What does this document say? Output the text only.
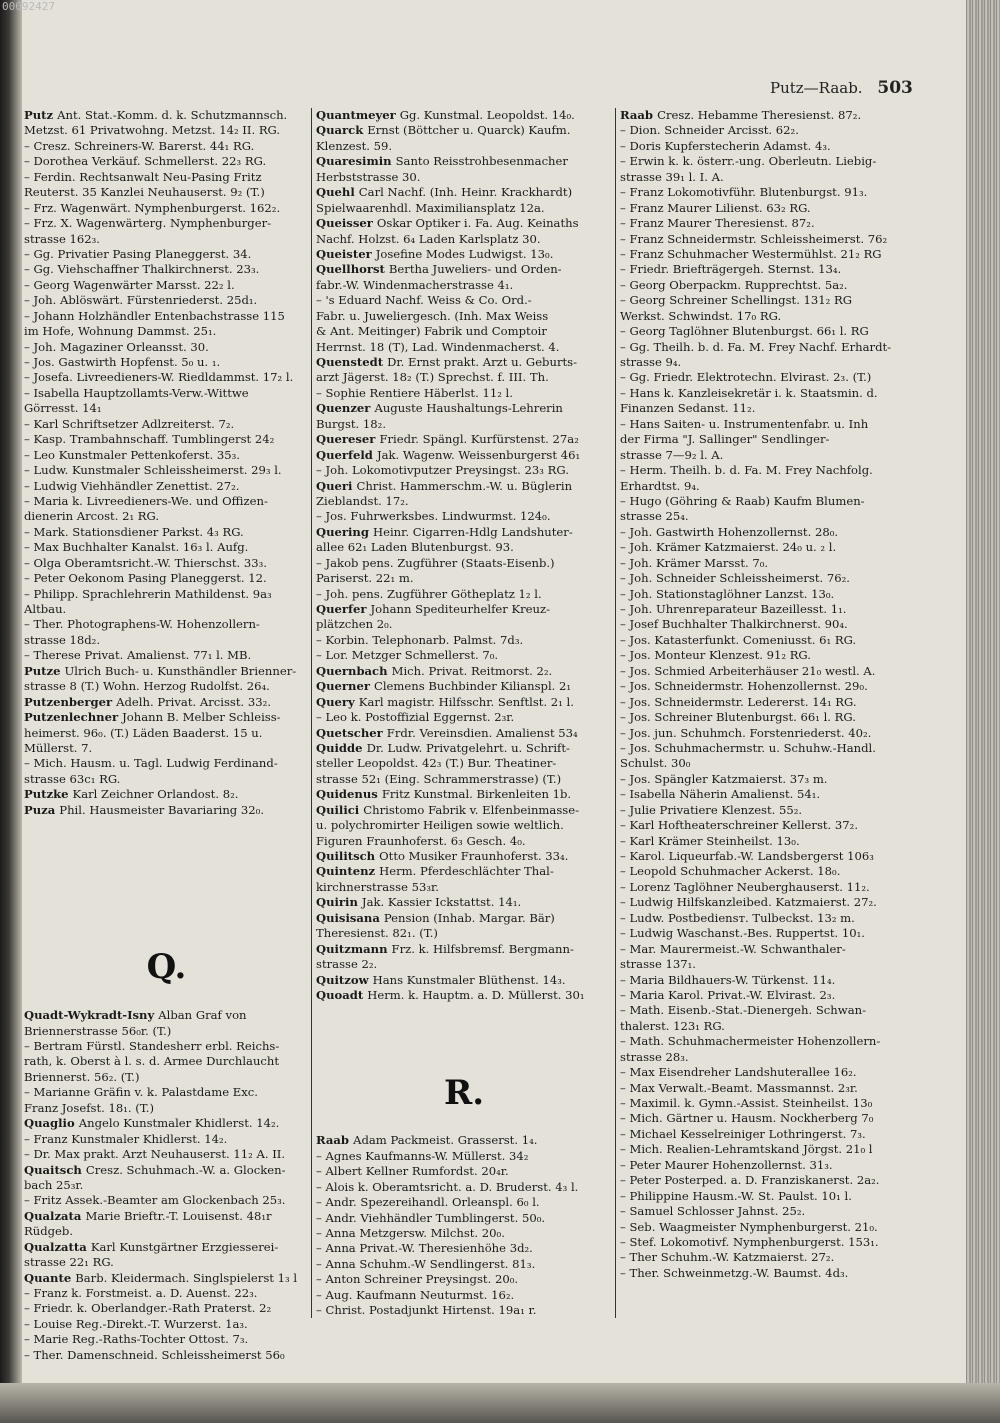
00092427
Putz—Raab. 503
Putz Ant. Stat.-Komm. d. k. Schutzmannsch.
Metzst. 61 Privatwohng. Metzst. 14₂ II. RG.
– Cresz. Schreiners-W. Barerst. 44₁ RG.
– Dorothea Verkäuf. Schmellerst. 22₃ RG.
– Ferdin. Rechtsanwalt Neu-Pasing Fritz
Reuterst. 35 Kanzlei Neuhauserst. 9₂ (T.)
– Frz. Wagenwärt. Nymphenburgerst. 162₂.
– Frz. X. Wagenwärterg. Nymphenburger-
strasse 162₃.
– Gg. Privatier Pasing Planeggerst. 34.
– Gg. Viehschaffner Thalkirchnerst. 23₃.
– Georg Wagenwärter Marsst. 22₂ l.
– Joh. Ablöswärt. Fürstenriederst. 25d₁.
– Johann Holzhändler Entenbachstrasse 115
im Hofe, Wohnung Dammst. 25₁.
– Joh. Magaziner Orleansst. 30.
– Jos. Gastwirth Hopfenst. 5₀ u. ₁.
– Josefa. Livreedieners-W. Riedldammst. 17₂ l.
– Isabella Hauptzollamts-Verw.-Wittwe
Görresst. 14₁
– Karl Schriftsetzer Adlzreiterst. 7₂.
– Kasp. Trambahnschaff. Tumblingerst 24₂
– Leo Kunstmaler Pettenkoferst. 35₃.
– Ludw. Kunstmaler Schleissheimerst. 29₃ l.
– Ludwig Viehhändler Zenettist. 27₂.
– Maria k. Livreedieners-We. und Offizen-
dienerin Arcost. 2₁ RG.
– Mark. Stationsdiener Parkst. 4₃ RG.
– Max Buchhalter Kanalst. 16₃ l. Aufg.
– Olga Oberamtsricht.-W. Thierschst. 33₃.
– Peter Oekonom Pasing Planeggerst. 12.
– Philipp. Sprachlehrerin Mathildenst. 9a₃
Altbau.
– Ther. Photographens-W. Hohenzollern-
strasse 18d₂.
– Therese Privat. Amalienst. 77₁ l. MB.
Putze Ulrich Buch- u. Kunsthändler Brienner-
strasse 8 (T.) Wohn. Herzog Rudolfst. 26₄.
Putzenberger Adelh. Privat. Arcisst. 33₂.
Putzenlechner Johann B. Melber Schleiss-
heimerst. 96₀. (T.) Läden Baaderst. 15 u.
Müllerst. 7.
– Mich. Hausm. u. Tagl. Ludwig Ferdinand-
strasse 63c₁ RG.
Putzke Karl Zeichner Orlandost. 8₂.
Puza Phil. Hausmeister Bavariaring 32₀.
Q.
Quadt-Wykradt-Isny Alban Graf von
Briennerstrasse 56₀r. (T.)
– Bertram Fürstl. Standesherr erbl. Reichs-
rath, k. Oberst à l. s. d. Armee Durchlaucht
Briennerst. 56₂. (T.)
– Marianne Gräfin v. k. Palastdame Exc.
Franz Josefst. 18₁. (T.)
Quaglio Angelo Kunstmaler Khidlerst. 14₂.
– Franz Kunstmaler Khidlerst. 14₂.
– Dr. Max prakt. Arzt Neuhauserst. 11₂ A. II.
Quaitsch Cresz. Schuhmach.-W. a. Glocken-
bach 25₃r.
– Fritz Assek.-Beamter am Glockenbach 25₃.
Qualzata Marie Brieftr.-T. Louisenst. 48₁r
Rüdgeb.
Qualzatta Karl Kunstgärtner Erzgiesserei-
strasse 22₁ RG.
Quante Barb. Kleidermach. Singlspielerst 1₃ l
– Franz k. Forstmeist. a. D. Auenst. 22₃.
– Friedr. k. Oberlandger.-Rath Praterst. 2₂
– Louise Reg.-Direkt.-T. Wurzerst. 1a₃.
– Marie Reg.-Raths-Tochter Ottost. 7₃.
– Ther. Damenschneid. Schleissheimerst 56₀
Quantmeyer Gg. Kunstmal. Leopoldst. 14₀.
Quarck Ernst (Böttcher u. Quarck) Kaufm.
Klenzest. 59.
Quaresimin Santo Reisstrohbesenmacher
Herbststrasse 30.
Quehl Carl Nachf. (Inh. Heinr. Krackhardt)
Spielwaarenhdl. Maximiliansplatz 12a.
Queisser Oskar Optiker i. Fa. Aug. Keinaths
Nachf. Holzst. 6₄ Laden Karlsplatz 30.
Queister Josefine Modes Ludwigst. 13₀.
Quellhorst Bertha Juweliers- und Orden-
fabr.-W. Windenmacherstrasse 4₁.
– 's Eduard Nachf. Weiss & Co. Ord.-
Fabr. u. Juweliergesch. (Inh. Max Weiss
& Ant. Meitinger) Fabrik und Comptoir
Herrnst. 18 (T), Lad. Windenmacherst. 4.
Quenstedt Dr. Ernst prakt. Arzt u. Geburts-
arzt Jägerst. 18₂ (T.) Sprechst. f. III. Th.
– Sophie Rentiere Häberlst. 11₂ l.
Quenzer Auguste Haushaltungs-Lehrerin
Burgst. 18₂.
Quereser Friedr. Spängl. Kurfürstenst. 27a₂
Querfeld Jak. Wagenw. Weissenburgerst 46₁
– Joh. Lokomotivputzer Preysingst. 23₃ RG.
Queri Christ. Hammerschm.-W. u. Büglerin
Zieblandst. 17₂.
– Jos. Fuhrwerksbes. Lindwurmst. 124₀.
Quering Heinr. Cigarren-Hdlg Landshuter-
allee 62₁ Laden Blutenburgst. 93.
– Jakob pens. Zugführer (Staats-Eisenb.)
Pariserst. 22₁ m.
– Joh. pens. Zugführer Götheplatz 1₂ l.
Querfer Johann Spediteurhelfer Kreuz-
plätzchen 2₀.
– Korbin. Telephonarb. Palmst. 7d₃.
– Lor. Metzger Schmellerst. 7₀.
Quernbach Mich. Privat. Reitmorst. 2₂.
Querner Clemens Buchbinder Kilianspl. 2₁
Query Karl magistr. Hilfsschr. Senftlst. 2₁ l.
– Leo k. Postoffizial Eggernst. 2₃r.
Quetscher Frdr. Vereinsdien. Amalienst 53₄
Quidde Dr. Ludw. Privatgelehrt. u. Schrift-
steller Leopoldst. 42₃ (T.) Bur. Theatiner-
strasse 52₁ (Eing. Schrammerstrasse) (T.)
Quidenus Fritz Kunstmal. Birkenleiten 1b.
Quilici Christomo Fabrik v. Elfenbeinmasse-
u. polychromirter Heiligen sowie weltlich.
Figuren Fraunhoferst. 6₃ Gesch. 4₀.
Quilitsch Otto Musiker Fraunhoferst. 33₄.
Quintenz Herm. Pferdeschlächter Thal-
kirchnerstrasse 53₃r.
Quirin Jak. Kassier Ickstattst. 14₁.
Quisisana Pension (Inhab. Margar. Bär)
Theresienst. 82₁. (T.)
Quitzmann Frz. k. Hilfsbremsf. Bergmann-
strasse 2₂.
Quitzow Hans Kunstmaler Blüthenst. 14₃.
Quoadt Herm. k. Hauptm. a. D. Müllerst. 30₁
R.
Raab Adam Packmeist. Grasserst. 1₄.
– Agnes Kaufmanns-W. Müllerst. 34₂
– Albert Kellner Rumfordst. 20₄r.
– Alois k. Oberamtsricht. a. D. Bruderst. 4₃ l.
– Andr. Spezereihandl. Orleanspl. 6₀ l.
– Andr. Viehhändler Tumblingerst. 50₀.
– Anna Metzgersw. Milchst. 20₀.
– Anna Privat.-W. Theresienhöhe 3d₂.
– Anna Schuhm.-W Sendlingerst. 81₃.
– Anton Schreiner Preysingst. 20₀.
– Aug. Kaufmann Neuturmst. 16₂.
– Christ. Postadjunkt Hirtenst. 19a₁ r.
Raab Cresz. Hebamme Theresienst. 87₂.
– Dion. Schneider Arcisst. 62₂.
– Doris Kupferstecherin Adamst. 4₃.
– Erwin k. k. österr.-ung. Oberleutn. Liebig-
strasse 39₁ l. I. A.
– Franz Lokomotivführ. Blutenburgst. 91₃.
– Franz Maurer Lilienst. 63₂ RG.
– Franz Maurer Theresienst. 87₂.
– Franz Schneidermstr. Schleissheimerst. 76₂
– Franz Schuhmacher Westermühlst. 21₂ RG
– Friedr. Briefträgergeh. Sternst. 13₄.
– Georg Oberpackm. Rupprechtst. 5a₂.
– Georg Schreiner Schellingst. 131₂ RG
Werkst. Schwindst. 17₀ RG.
– Georg Taglöhner Blutenburgst. 66₁ l. RG
– Gg. Theilh. b. d. Fa. M. Frey Nachf. Erhardt-
strasse 9₄.
– Gg. Friedr. Elektrotechn. Elvirast. 2₃. (T.)
– Hans k. Kanzleisekretär i. k. Staatsmin. d.
Finanzen Sedanst. 11₂.
– Hans Saiten- u. Instrumentenfabr. u. Inh
der Firma "J. Sallinger" Sendlinger-
strasse 7—9₂ l. A.
– Herm. Theilh. b. d. Fa. M. Frey Nachfolg.
Erhardtst. 9₄.
– Hugo (Göhring & Raab) Kaufm Blumen-
strasse 25₄.
– Joh. Gastwirth Hohenzollernst. 28₀.
– Joh. Krämer Katzmaierst. 24₀ u. ₂ l.
– Joh. Krämer Marsst. 7₀.
– Joh. Schneider Schleissheimerst. 76₂.
– Joh. Stationstaglöhner Lanzst. 13₀.
– Joh. Uhrenreparateur Bazeillesst. 1₁.
– Josef Buchhalter Thalkirchnerst. 90₄.
– Jos. Katasterfunkt. Comeniusst. 6₁ RG.
– Jos. Monteur Klenzest. 91₂ RG.
– Jos. Schmied Arbeiterhäuser 21₀ westl. A.
– Jos. Schneidermstr. Hohenzollernst. 29₀.
– Jos. Schneidermstr. Ledererst. 14₁ RG.
– Jos. Schreiner Blutenburgst. 66₁ l. RG.
– Jos. jun. Schuhmch. Forstenriederst. 40₂.
– Jos. Schuhmachermstr. u. Schuhw.-Handl.
Schulst. 30₀
– Jos. Spängler Katzmaierst. 37₃ m.
– Isabella Näherin Amalienst. 54₁.
– Julie Privatiere Klenzest. 55₂.
– Karl Hoftheaterschreiner Kellerst. 37₂.
– Karl Krämer Steinheilst. 13₀.
– Karol. Liqueurfab.-W. Landsbergerst 106₃
– Leopold Schuhmacher Ackerst. 18₀.
– Lorenz Taglöhner Neuberghauserst. 11₂.
– Ludwig Hilfskanzleibed. Katzmaierst. 27₂.
– Ludw. Postbediensт. Tulbeckst. 13₂ m.
– Ludwig Waschanst.-Bes. Ruppertst. 10₁.
– Mar. Maurermeist.-W. Schwanthaler-
strasse 137₁.
– Maria Bildhauers-W. Türkenst. 11₄.
– Maria Karol. Privat.-W. Elvirast. 2₃.
– Math. Eisenb.-Stat.-Dienergeh. Schwan-
thalerst. 123₁ RG.
– Math. Schuhmachermeister Hohenzollern-
strasse 28₃.
– Max Eisendreher Landshuterallee 16₂.
– Max Verwalt.-Beamt. Massmannst. 2₃r.
– Maximil. k. Gymn.-Assist. Steinheilst. 13₀
– Mich. Gärtner u. Hausm. Nockherberg 7₀
– Michael Kesselreiniger Lothringerst. 7₃.
– Mich. Realien-Lehramtskand Jörgst. 21₀ l
– Peter Maurer Hohenzollernst. 31₃.
– Peter Posterped. a. D. Franziskanerst. 2a₂.
– Philippine Hausm.-W. St. Paulst. 10₁ l.
– Samuel Schlosser Jahnst. 25₂.
– Seb. Waagmeister Nymphenburgerst. 21₀.
– Stef. Lokomotivf. Nymphenburgerst. 153₁.
– Ther Schuhm.-W. Katzmaierst. 27₂.
– Ther. Schweinmetzg.-W. Baumst. 4d₃.
